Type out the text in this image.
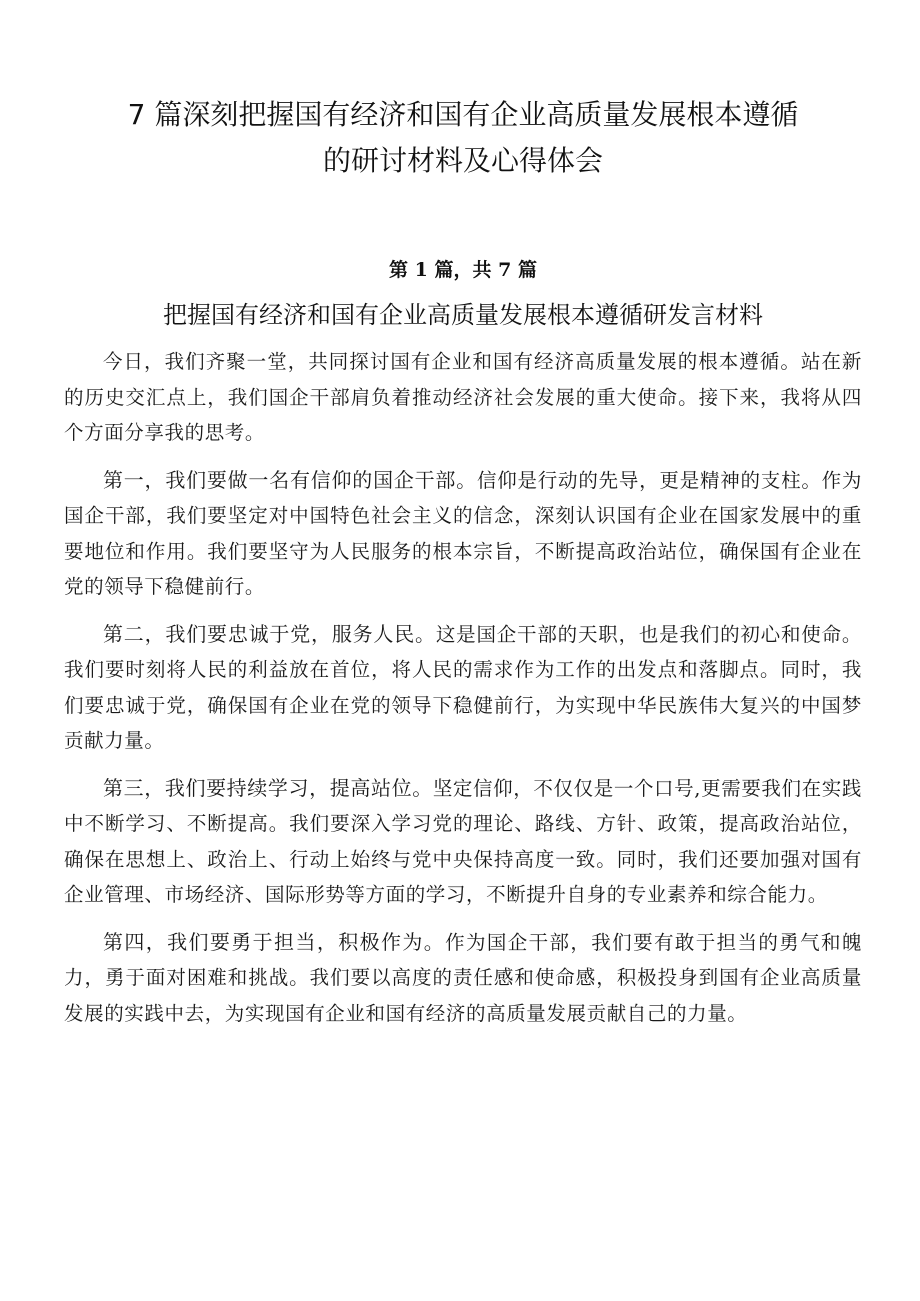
7 篇深刻把握国有经济和国有企业高质量发展根本遵循
的研讨材料及心得体会
第 1 篇，共 7 篇
把握国有经济和国有企业高质量发展根本遵循研发言材料

今日，我们齐聚一堂，共同探讨国有企业和国有经济高质量发展的根本遵循。站在新的历史交汇点上，我们国企干部肩负着推动经济社会发展的重大使命。接下来，我将从四个方面分享我的思考。

第一，我们要做一名有信仰的国企干部。信仰是行动的先导，更是精神的支柱。作为国企干部，我们要坚定对中国特色社会主义的信念，深刻认识国有企业在国家发展中的重要地位和作用。我们要坚守为人民服务的根本宗旨，不断提高政治站位，确保国有企业在党的领导下稳健前行。

第二，我们要忠诚于党，服务人民。这是国企干部的天职，也是我们的初心和使命。我们要时刻将人民的利益放在首位，将人民的需求作为工作的出发点和落脚点。同时，我们要忠诚于党，确保国有企业在党的领导下稳健前行，为实现中华民族伟大复兴的中国梦贡献力量。

第三，我们要持续学习，提高站位。坚定信仰，不仅仅是一个口号,更需要我们在实践中不断学习、不断提高。我们要深入学习党的理论、路线、方针、政策，提高政治站位，确保在思想上、政治上、行动上始终与党中央保持高度一致。同时，我们还要加强对国有企业管理、市场经济、国际形势等方面的学习，不断提升自身的专业素养和综合能力。

第四，我们要勇于担当，积极作为。作为国企干部，我们要有敢于担当的勇气和魄力，勇于面对困难和挑战。我们要以高度的责任感和使命感，积极投身到国有企业高质量发展的实践中去，为实现国有企业和国有经济的高质量发展贡献自己的力量。
